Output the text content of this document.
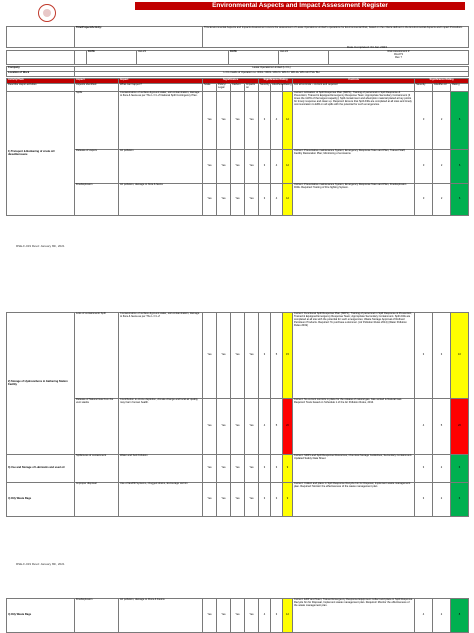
Environmental Aspects and Impact Assessment Register
	Title/Project/Activity:	This Environmental Aspects and Impacts Assessment covers the assessment of Lease Operations Limited's operations for Environmental Risk, based on the criteria defined in the Environmental Aspects and Impact Procedure.
Date Completed: 04 Jan 2023
		DATE	Jan-23	DATE	Jan-24	Risk Assessment #
RA-073
Rev 7
Company	Lease Operations Limited (L.O.L)
Location of Work	L.O.L Fields of Operation i.e. WD1 / WD3 / WD-5 / WD-6 / WD-11/ WD-12/ PS1/ BH
Activity/Task	Aspect	Impact	Significance				Significance Rating			Controls	Significance Rating		
Describe steps/ activities	Aspects identified	What can happen?	Scale	Policy/ Legal	Carbon	Impacts on	Severity	Likelihood	Rating	List all controls – current and required	Severity	Likeliho od	Rating
1) Transport & Bunkering of crude oil/ diesel/kerosene	Spills	Contamination of surface &ground water, soil contamination, damage to flora & fauna as per The L O L Z National Spill Contingency Plan.	Yes	Yes	Yes	Yes	3	4	12	Current: Activation of Spill Response Plan (SRP1); Training of personnel in Spill Response & Prevention; Trained & Equipped Emergency Response Team; Appropriate Secondary Containment (3 times the 110% of the largest capacity); Spill containment and absorption material placed at key points for timely response and clean up. Required: Ensure that Spill drills are completed at all sites and timely communication to EPA on all spills with the potential for such emergencies.	3	2	6
	Release of vapors	Air pollution	Yes	Yes	Yes	Yes	3	4	12	Current: Preventative maintenance System; Emergency Response Team and Plan; Trained Staff, Facility Restoration Plan; Monitoring of emissions	3	2	6
	Fire/Explosion	Air pollution, damage to flora & fauna	Yes	Yes	Yes	Yes	3	4	12	Current: Preventative maintenance System, Emergency Response Team and Plan, Fire/Explosion Drills. Required: Testing of Fire fighting System.	3	2	6
RSE-F-019 Revd: January 8th, 2021
2) Storage of Hydrocarbons in Gathering Station Facility	Loss of containment/ Spill	Contamination of surface &ground water, soil contamination, damage to flora & fauna as per The L O L Z	Yes	Yes	Yes	Yes	3	5	15	Current: Functional Spill Response Plan (SRP1); Training of personnel in Spill Response & Prevention; Trained & Equipped Emergency Response Team; Appropriate Secondary Containment. Spill drills are completed at all site with the potential for such emergencies; Waste Storage Approval of Refined Petroleum Products. Required: To purchase a skimmer. (Air Pollution Rules 2014) (Water Pollution Rules 2019)	3	3	10
	Release of Natural Gas from the vent stacks	Contribution to ozone depletion, climate change and local air quality, may harm human health.	Yes	Yes	Yes	Yes	4	5	20	Current: No current controls in place for the release of natural gas. Gas vented is Natural Gas. Required: Tests based on Schedule 1 of the Air Pollution Rules, 2014	4	5	20
3) Use and Storage of Lubricants and used oil	Spills/Loss of containment	Water and Soil Pollution	Yes	Yes	Yes	Yes	3	3	9	Current: SRP1 and Spill Response Resources; Chemical Storage Guidelines; Secondary Containment. Updated Safety Data Sheet	3	2	6
4) Oily Waste Rags	Improper disposal	Use of landfill Systems, Clogged drains, Encourage vermin	Yes	Yes	Yes	Yes	3	3	9	Current: Collect and place in Spill Response Recycle bin for Disposal, Implement waste management plan. Required: Monitor the effectiveness of the waste management plan	3	2	6
RSE-F-019 Revd: January 8th, 2021
4) Oily Waste Rags	Fire/Explosion	Air pollution, damage to Flora & Fauna	Yes	Yes	Yes	Yes	4	3	12	Current: ERP and Team; Trained Emergency Response Equipment Collect and place in Spill Response Recycle bin for Disposal, Implement waste management plan. Required: Monitor the effectiveness of the waste management plan.	4	2	8
